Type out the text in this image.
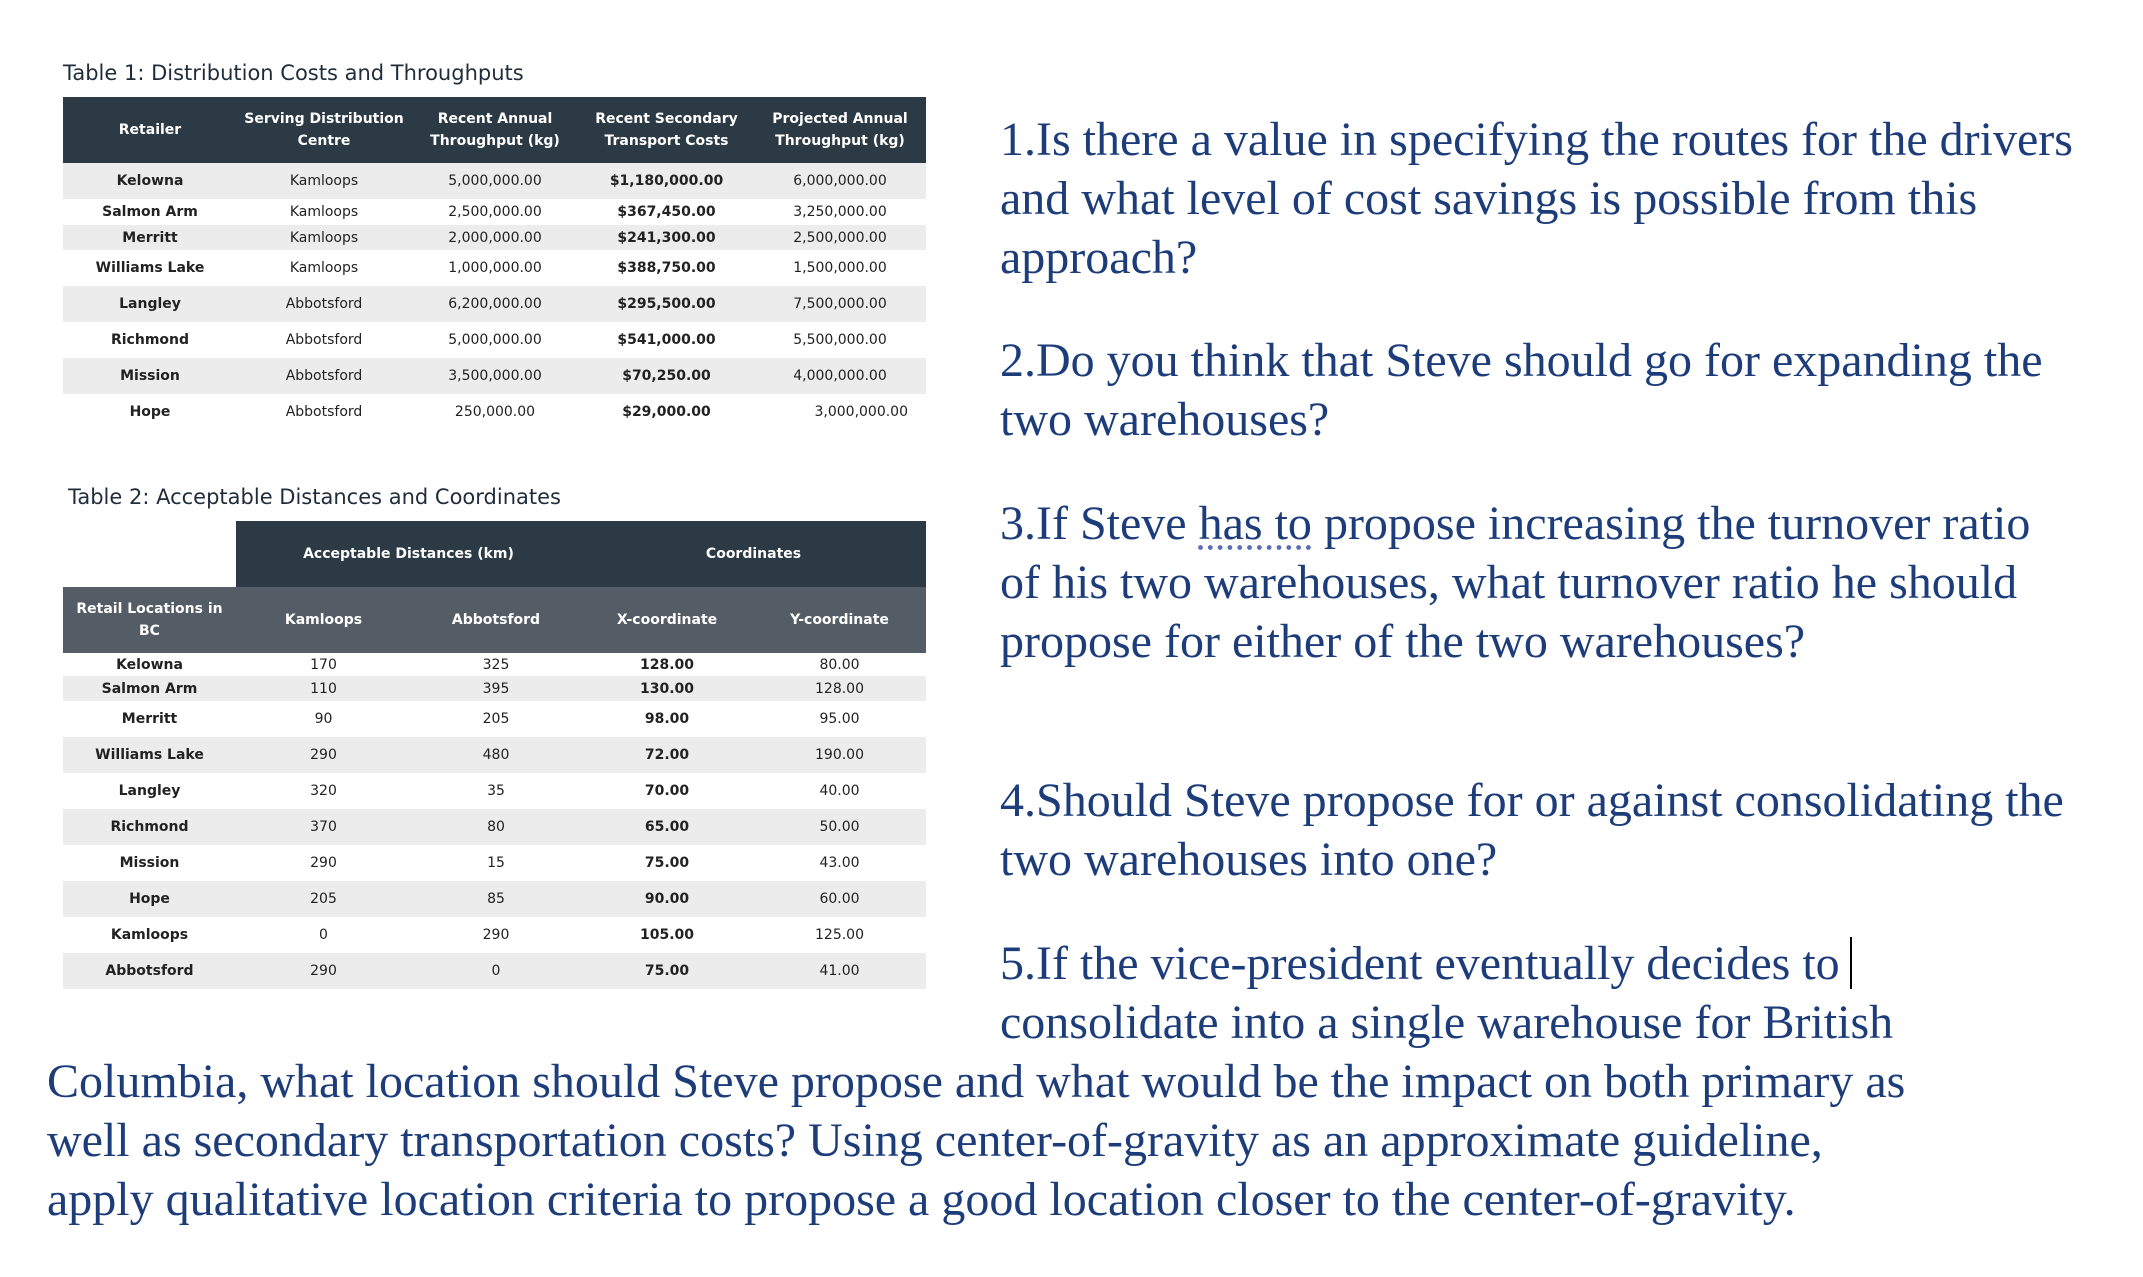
Table 1: Distribution Costs and Throughputs
Retailer	Serving Distribution Centre	Recent Annual Throughput (kg)	Recent Secondary Transport Costs	Projected Annual Throughput (kg)
Kelowna	Kamloops	5,000,000.00	$1,180,000.00	6,000,000.00
Salmon Arm	Kamloops	2,500,000.00	$367,450.00	3,250,000.00
Merritt	Kamloops	2,000,000.00	$241,300.00	2,500,000.00
Williams Lake	Kamloops	1,000,000.00	$388,750.00	1,500,000.00
Langley	Abbotsford	6,200,000.00	$295,500.00	7,500,000.00
Richmond	Abbotsford	5,000,000.00	$541,000.00	5,500,000.00
Mission	Abbotsford	3,500,000.00	$70,250.00	4,000,000.00
Hope	Abbotsford	250,000.00	$29,000.00	3,000,000.00
Table 2: Acceptable Distances and Coordinates
	Acceptable Distances (km)		Coordinates	
Retail Locations in BC	Kamloops	Abbotsford	X-coordinate	Y-coordinate
Kelowna	170	325	128.00	80.00
Salmon Arm	110	395	130.00	128.00
Merritt	90	205	98.00	95.00
Williams Lake	290	480	72.00	190.00
Langley	320	35	70.00	40.00
Richmond	370	80	65.00	50.00
Mission	290	15	75.00	43.00
Hope	205	85	90.00	60.00
Kamloops	0	290	105.00	125.00
Abbotsford	290	0	75.00	41.00

1.Is there a value in specifying the routes for the drivers and what level of cost savings is possible from this approach?

2.Do you think that Steve should go for expanding the two warehouses?

3.If Steve has to propose increasing the turnover ratio of his two warehouses, what turnover ratio he should propose for either of the two warehouses?

4.Should Steve propose for or against consolidating the two warehouses into one?

5.If the vice-president eventually decides to
consolidate into a single warehouse for British
Columbia, what location should Steve propose and what would be the impact on both primary as
well as secondary transportation costs? Using center-of-gravity as an approximate guideline,
apply qualitative location criteria to propose a good location closer to the center-of-gravity.
